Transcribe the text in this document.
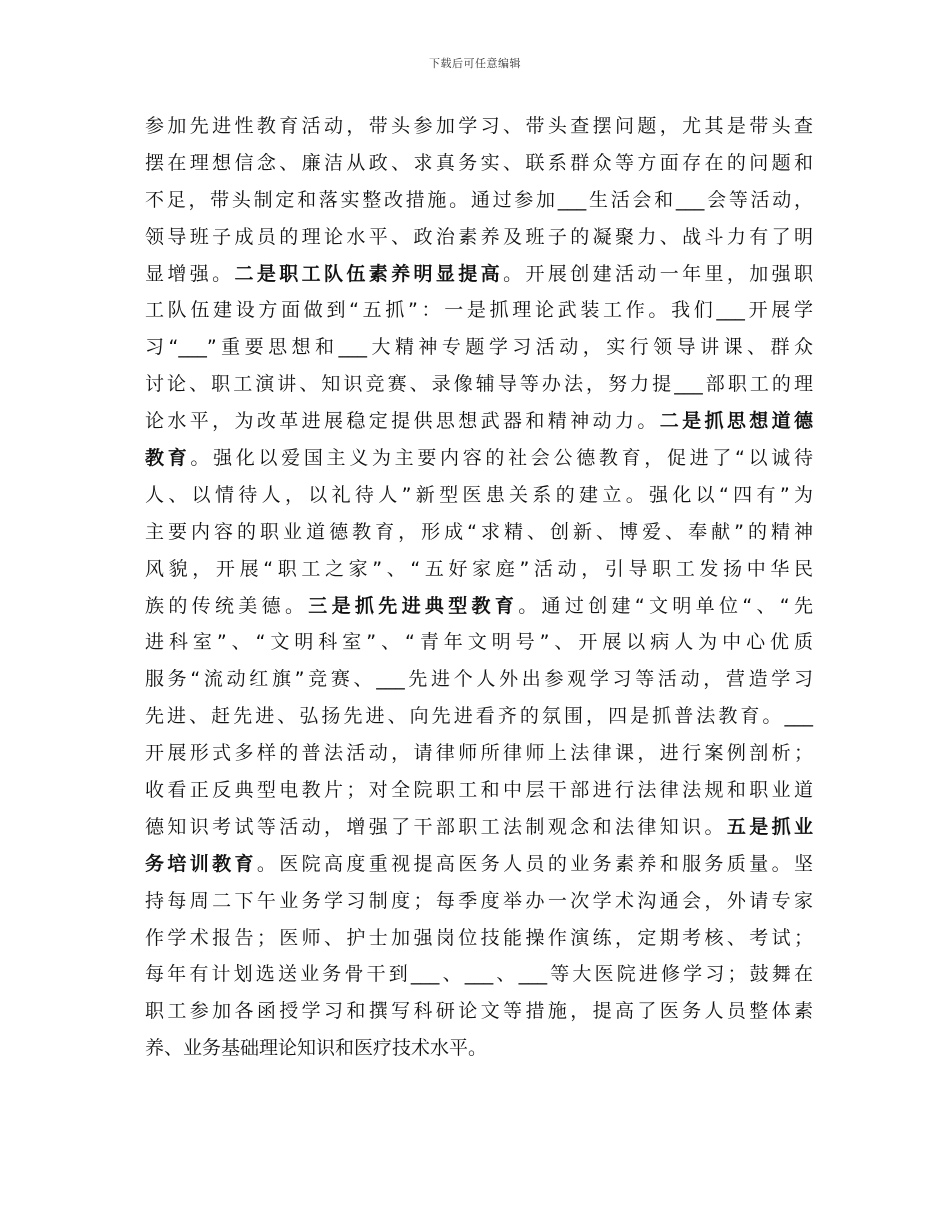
下载后可任意编辑
参加先进性教育活动，带头参加学习、带头查摆问题，尤其是带头查
摆在理想信念、廉洁从政、求真务实、联系群众等方面存在的问题和
不足，带头制定和落实整改措施。通过参加___生活会和___会等活动，
领导班子成员的理论水平、政治素养及班子的凝聚力、战斗力有了明
显增强。二是职工队伍素养明显提高。开展创建活动一年里，加强职
工队伍建设方面做到“五抓”：一是抓理论武装工作。我们___开展学
习“___”重要思想和___大精神专题学习活动，实行领导讲课、群众
讨论、职工演讲、知识竞赛、录像辅导等办法，努力提___部职工的理
论水平，为改革进展稳定提供思想武器和精神动力。二是抓思想道德
教育。强化以爱国主义为主要内容的社会公德教育，促进了“以诚待
人、以情待人，以礼待人”新型医患关系的建立。强化以“四有”为
主要内容的职业道德教育，形成“求精、创新、博爱、奉献”的精神
风貌，开展“职工之家”、“五好家庭”活动，引导职工发扬中华民
族的传统美德。三是抓先进典型教育。通过创建“文明单位“、“先
进科室”、“文明科室”、“青年文明号”、开展以病人为中心优质
服务“流动红旗”竞赛、___先进个人外出参观学习等活动，营造学习
先进、赶先进、弘扬先进、向先进看齐的氛围，四是抓普法教育。___
开展形式多样的普法活动，请律师所律师上法律课，进行案例剖析；
收看正反典型电教片；对全院职工和中层干部进行法律法规和职业道
德知识考试等活动，增强了干部职工法制观念和法律知识。五是抓业
务培训教育。医院高度重视提高医务人员的业务素养和服务质量。坚
持每周二下午业务学习制度；每季度举办一次学术沟通会，外请专家
作学术报告；医师、护士加强岗位技能操作演练，定期考核、考试；
每年有计划选送业务骨干到___、___、___等大医院进修学习；鼓舞在
职工参加各函授学习和撰写科研论文等措施，提高了医务人员整体素
养、业务基础理论知识和医疗技术水平。
